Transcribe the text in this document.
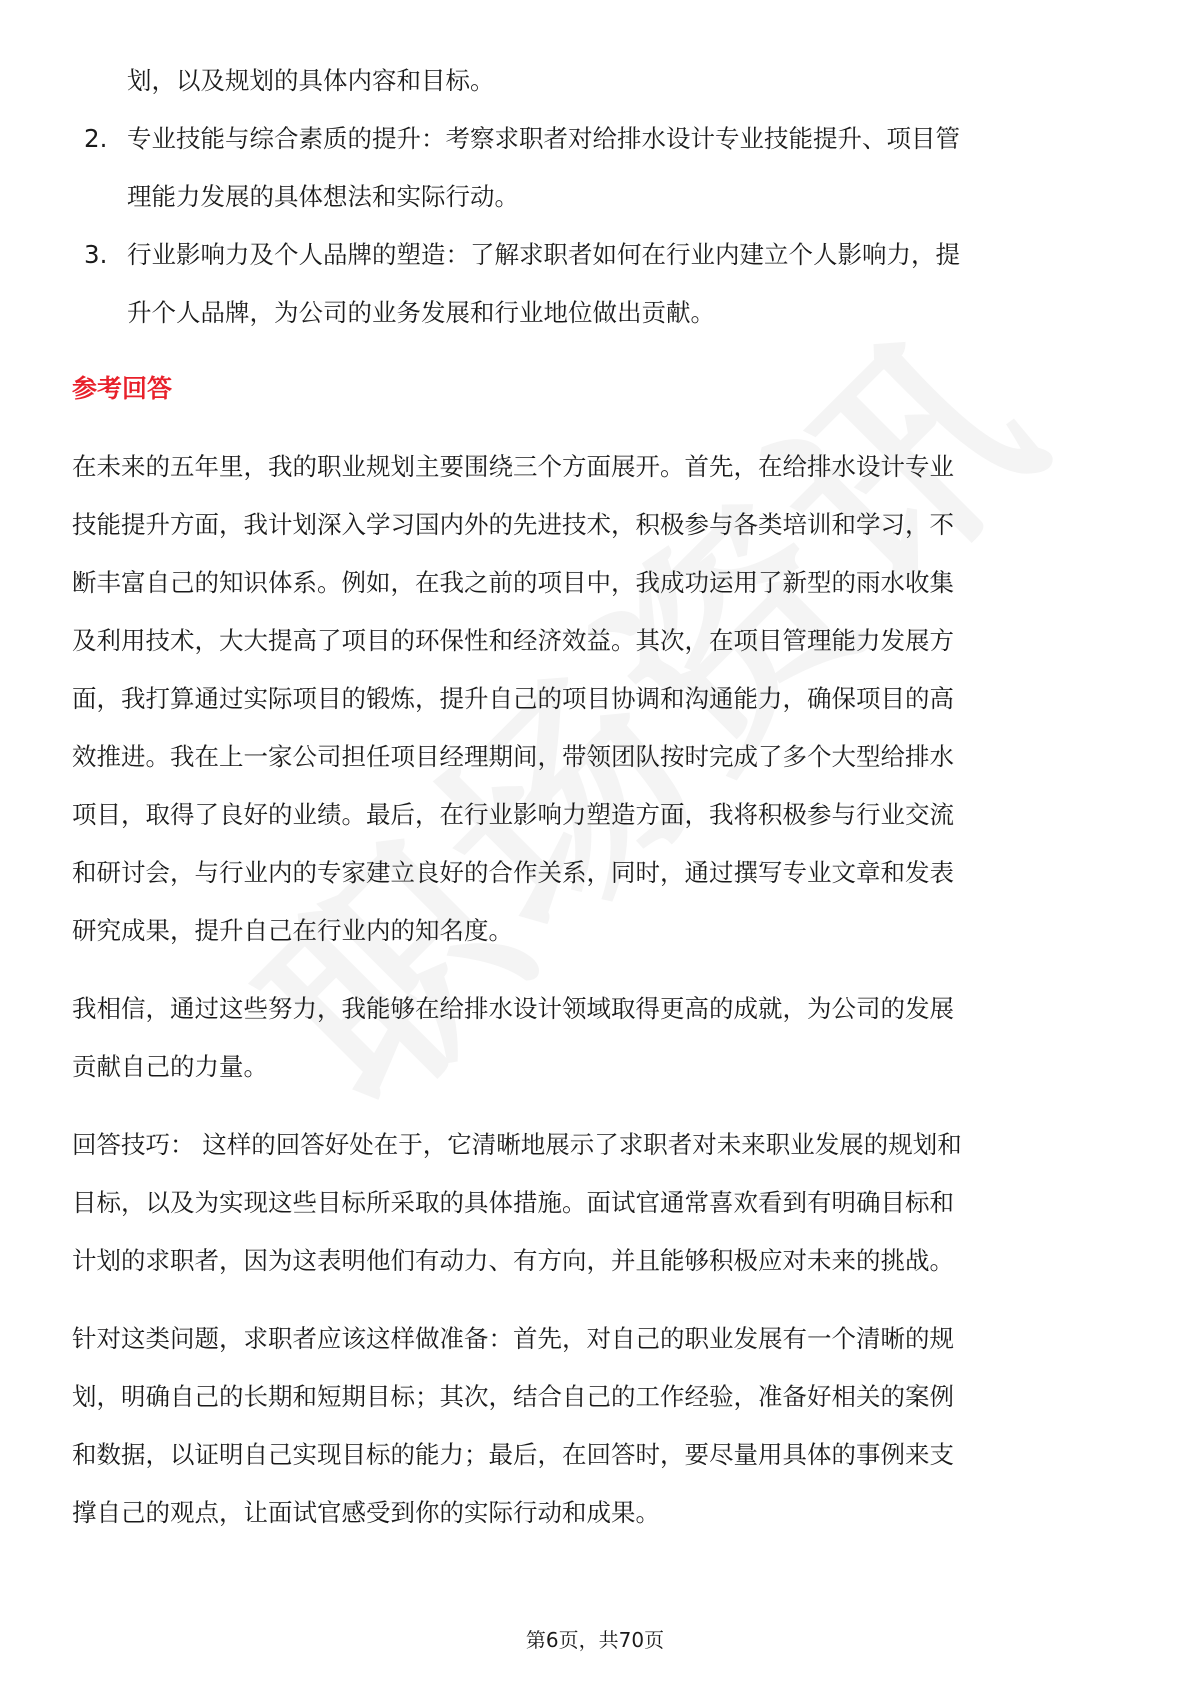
划，以及规划的具体内容和目标。

2. 专业技能与综合素质的提升：考察求职者对给排水设计专业技能提升、项目管

理能力发展的具体想法和实际行动。

3. 行业影响力及个人品牌的塑造：了解求职者如何在行业内建立个人影响力，提

升个人品牌，为公司的业务发展和行业地位做出贡献。

参考回答

在未来的五年里，我的职业规划主要围绕三个方面展开。首先，在给排水设计专业

技能提升方面，我计划深入学习国内外的先进技术，积极参与各类培训和学习，不

断丰富自己的知识体系。例如，在我之前的项目中，我成功运用了新型的雨水收集

及利用技术，大大提高了项目的环保性和经济效益。其次，在项目管理能力发展方

面，我打算通过实际项目的锻炼，提升自己的项目协调和沟通能力，确保项目的高

效推进。我在上一家公司担任项目经理期间，带领团队按时完成了多个大型给排水

项目，取得了良好的业绩。最后，在行业影响力塑造方面，我将积极参与行业交流

和研讨会，与行业内的专家建立良好的合作关系，同时，通过撰写专业文章和发表

研究成果，提升自己在行业内的知名度。

我相信，通过这些努力，我能够在给排水设计领域取得更高的成就，为公司的发展

贡献自己的力量。

回答技巧： 这样的回答好处在于，它清晰地展示了求职者对未来职业发展的规划和

目标，以及为实现这些目标所采取的具体措施。面试官通常喜欢看到有明确目标和

计划的求职者，因为这表明他们有动力、有方向，并且能够积极应对未来的挑战。

针对这类问题，求职者应该这样做准备：首先，对自己的职业发展有一个清晰的规

划，明确自己的长期和短期目标；其次，结合自己的工作经验，准备好相关的案例

和数据，以证明自己实现目标的能力；最后，在回答时，要尽量用具体的事例来支

撑自己的观点，让面试官感受到你的实际行动和成果。

第6页，共70页
